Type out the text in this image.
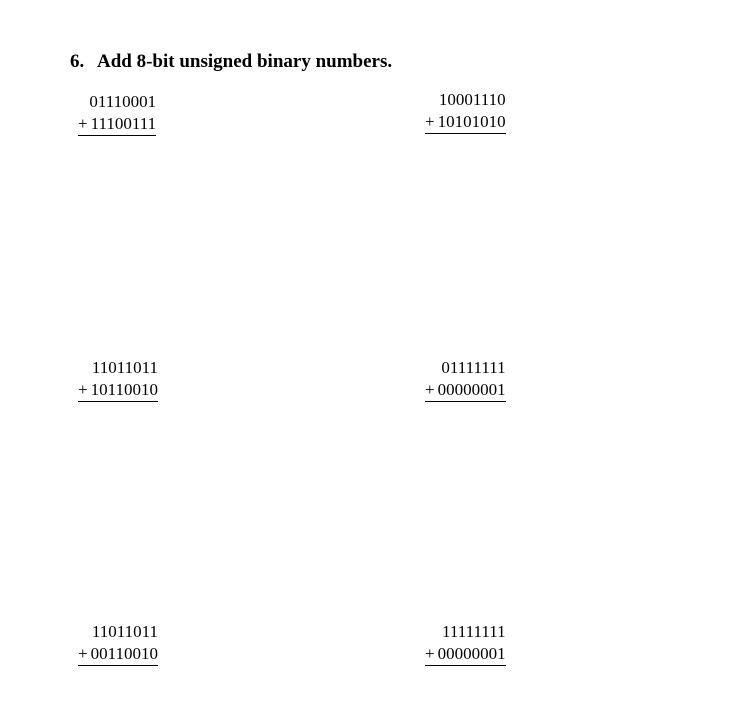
6. Add 8-bit unsigned binary numbers.
01110001
+ 11100111
10001110
+ 10101010
11011011
+ 10110010
01111111
+ 00000001
11011011
+ 00110010
11111111
+ 00000001
